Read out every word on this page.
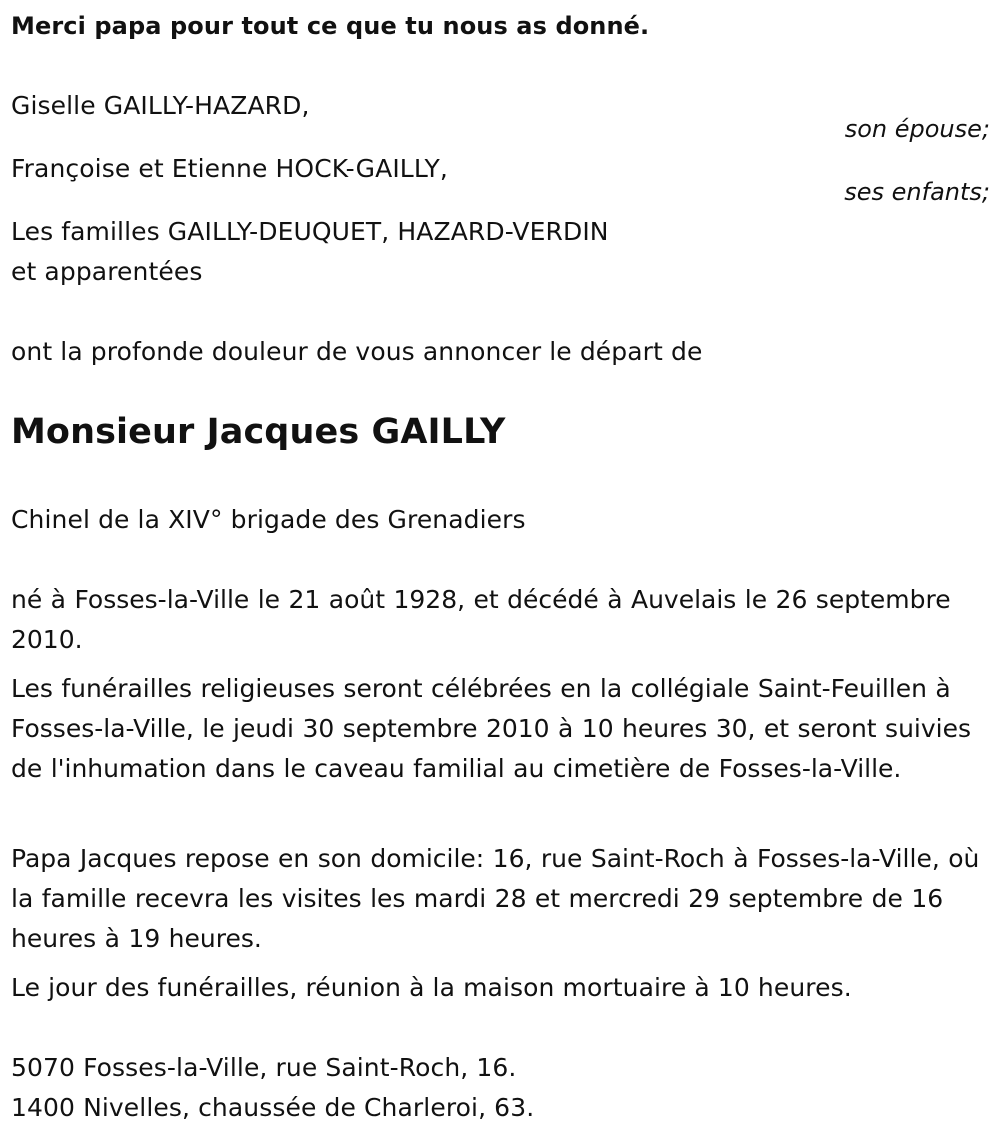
Merci papa pour tout ce que tu nous as donné.
Giselle GAILLY-HAZARD,
son épouse;
Françoise et Etienne HOCK-GAILLY,
ses enfants;
Les familles GAILLY-DEUQUET, HAZARD-VERDIN
et apparentées
ont la profonde douleur de vous annoncer le départ de
Monsieur Jacques GAILLY
Chinel de la XIV° brigade des Grenadiers
né à Fosses-la-Ville le 21 août 1928, et décédé à Auvelais le 26 septembre 2010.
Les funérailles religieuses seront célébrées en la collégiale Saint-Feuillen à Fosses-la-Ville, le jeudi 30 septembre 2010 à 10 heures 30, et seront suivies de l'inhumation dans le caveau familial au cimetière de Fosses-la-Ville.
Papa Jacques repose en son domicile: 16, rue Saint-Roch à Fosses-la-Ville, où la famille recevra les visites les mardi 28 et mercredi 29 septembre de 16 heures à 19 heures.
Le jour des funérailles, réunion à la maison mortuaire à 10 heures.
5070 Fosses-la-Ville, rue Saint-Roch, 16.
1400 Nivelles, chaussée de Charleroi, 63.
